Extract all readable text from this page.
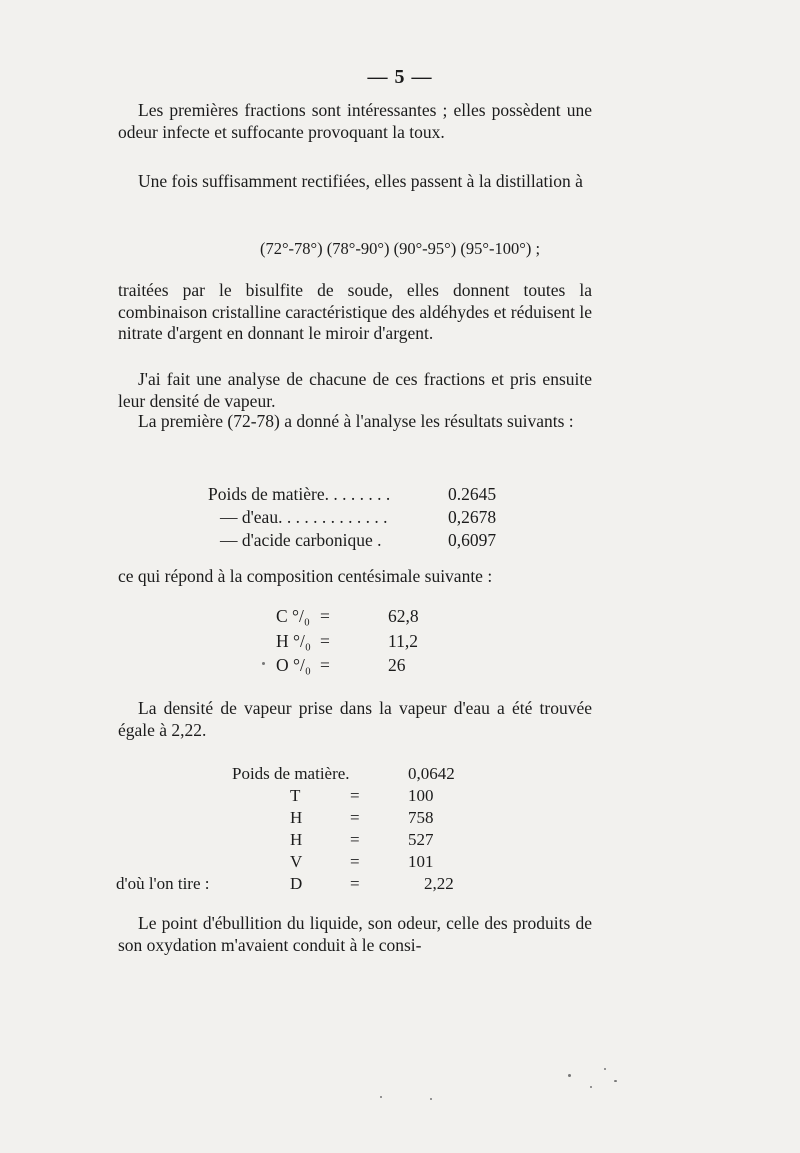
— 5 —

Les premières fractions sont intéressantes ; elles possèdent une odeur infecte et suffocante provoquant la toux.

Une fois suffisamment rectifiées, elles passent à la distillation à

(72°-78°) (78°-90°) (90°-95°) (95°-100°) ;

traitées par le bisulfite de soude, elles donnent toutes la combinaison cristalline caractéristique des aldéhydes et réduisent le nitrate d'argent en donnant le miroir d'argent.

J'ai fait une analyse de chacune de ces fractions et pris ensuite leur densité de vapeur.

La première (72-78) a donné à l'analyse les résultats suivants :

Poids de matière. . . . . . . .	0.2645
— d'eau. . . . . . . . . . . . .	0,2678
— d'acide carbonique .	0,6097

ce qui répond à la composition centésimale suivante :

C °/₀ =	62,8
H °/₀ =	11,2
O °/₀ =	26

La densité de vapeur prise dans la vapeur d'eau a été trouvée égale à 2,22.

Poids de matière.	0,0642
T	=	100
H	=	758
H	=	527
V	=	101
d'où l'on tire :	D	=	2,22

Le point d'ébullition du liquide, son odeur, celle des produits de son oxydation m'avaient conduit à le consi-
